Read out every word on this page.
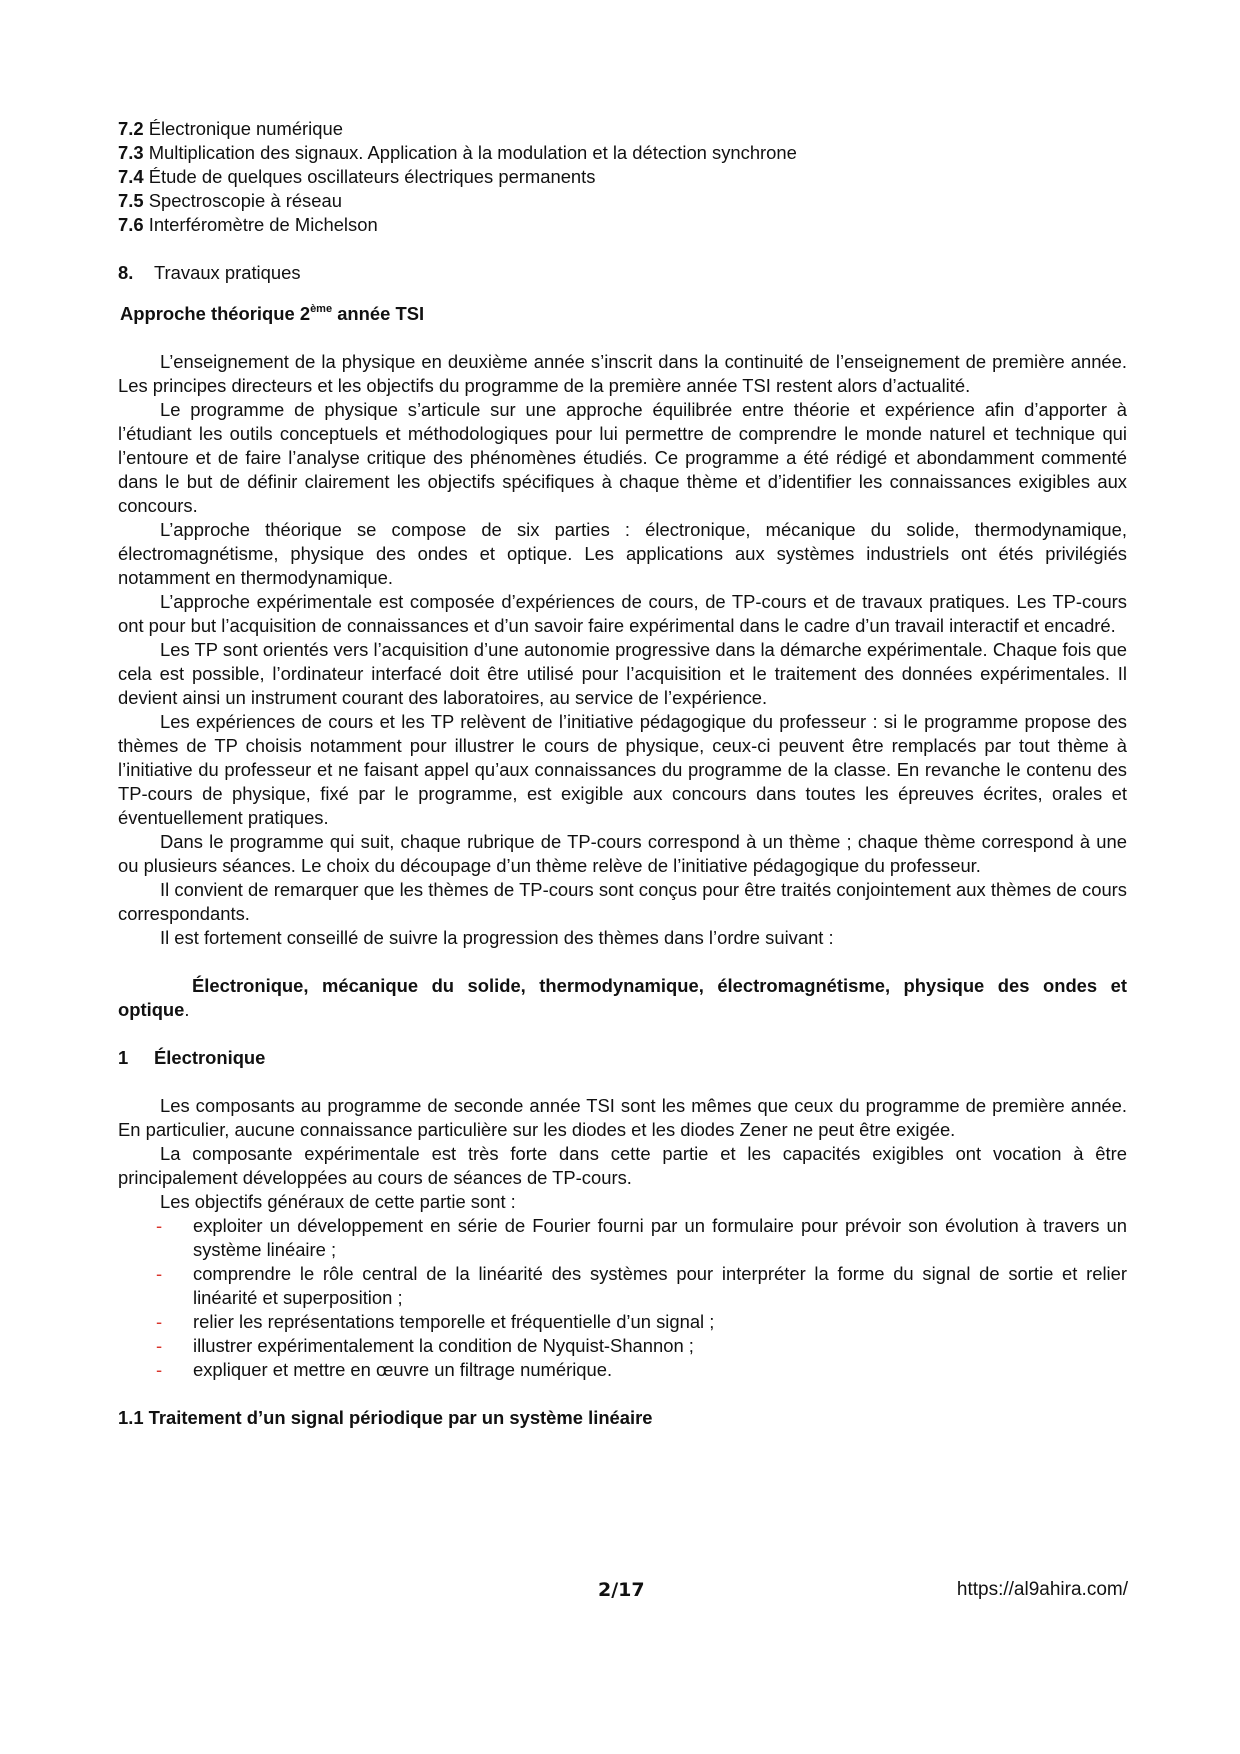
7.2 Électronique numérique
7.3 Multiplication des signaux. Application à la modulation et la détection synchrone
7.4 Étude de quelques oscillateurs électriques permanents
7.5 Spectroscopie à réseau
7.6 Interféromètre de Michelson
8. Travaux pratiques
Approche théorique 2ème année TSI

L’enseignement de la physique en deuxième année s’inscrit dans la continuité de l’enseignement de première année. Les principes directeurs et les objectifs du programme de la première année TSI restent alors d’actualité.

Le programme de physique s’articule sur une approche équilibrée entre théorie et expérience afin d’apporter à l’étudiant les outils conceptuels et méthodologiques pour lui permettre de comprendre le monde naturel et technique qui l’entoure et de faire l’analyse critique des phénomènes étudiés. Ce programme a été rédigé et abondamment commenté dans le but de définir clairement les objectifs spécifiques à chaque thème et d’identifier les connaissances exigibles aux concours.

L’approche théorique se compose de six parties : électronique, mécanique du solide, thermodynamique, électromagnétisme, physique des ondes et optique. Les applications aux systèmes industriels ont étés privilégiés notamment en thermodynamique.

L’approche expérimentale est composée d’expériences de cours, de TP-cours et de travaux pratiques. Les TP-cours ont pour but l’acquisition de connaissances et d’un savoir faire expérimental dans le cadre d’un travail interactif et encadré.

Les TP sont orientés vers l’acquisition d’une autonomie progressive dans la démarche expérimentale. Chaque fois que cela est possible, l’ordinateur interfacé doit être utilisé pour l’acquisition et le traitement des données expérimentales. Il devient ainsi un instrument courant des laboratoires, au service de l’expérience.

Les expériences de cours et les TP relèvent de l’initiative pédagogique du professeur : si le programme propose des thèmes de TP choisis notamment pour illustrer le cours de physique, ceux-ci peuvent être remplacés par tout thème à l’initiative du professeur et ne faisant appel qu’aux connaissances du programme de la classe. En revanche le contenu des TP-cours de physique, fixé par le programme, est exigible aux concours dans toutes les épreuves écrites, orales et éventuellement pratiques.

Dans le programme qui suit, chaque rubrique de TP-cours correspond à un thème ; chaque thème correspond à une ou plusieurs séances. Le choix du découpage d’un thème relève de l’initiative pédagogique du professeur.

Il convient de remarquer que les thèmes de TP-cours sont conçus pour être traités conjointement aux thèmes de cours correspondants.

Il est fortement conseillé de suivre la progression des thèmes dans l’ordre suivant :

Électronique, mécanique du solide, thermodynamique, électromagnétisme, physique des ondes et optique.

1 Électronique

Les composants au programme de seconde année TSI sont les mêmes que ceux du programme de première année. En particulier, aucune connaissance particulière sur les diodes et les diodes Zener ne peut être exigée.

La composante expérimentale est très forte dans cette partie et les capacités exigibles ont vocation à être principalement développées au cours de séances de TP-cours.

Les objectifs généraux de cette partie sont :

- exploiter un développement en série de Fourier fourni par un formulaire pour prévoir son évolution à travers un système linéaire ;
- comprendre le rôle central de la linéarité des systèmes pour interpréter la forme du signal de sortie et relier linéarité et superposition ;
- relier les représentations temporelle et fréquentielle d’un signal ;
- illustrer expérimentalement la condition de Nyquist-Shannon ;
- expliquer et mettre en œuvre un filtrage numérique.
1.1 Traitement d’un signal périodique par un système linéaire
2/17	https://al9ahira.com/
